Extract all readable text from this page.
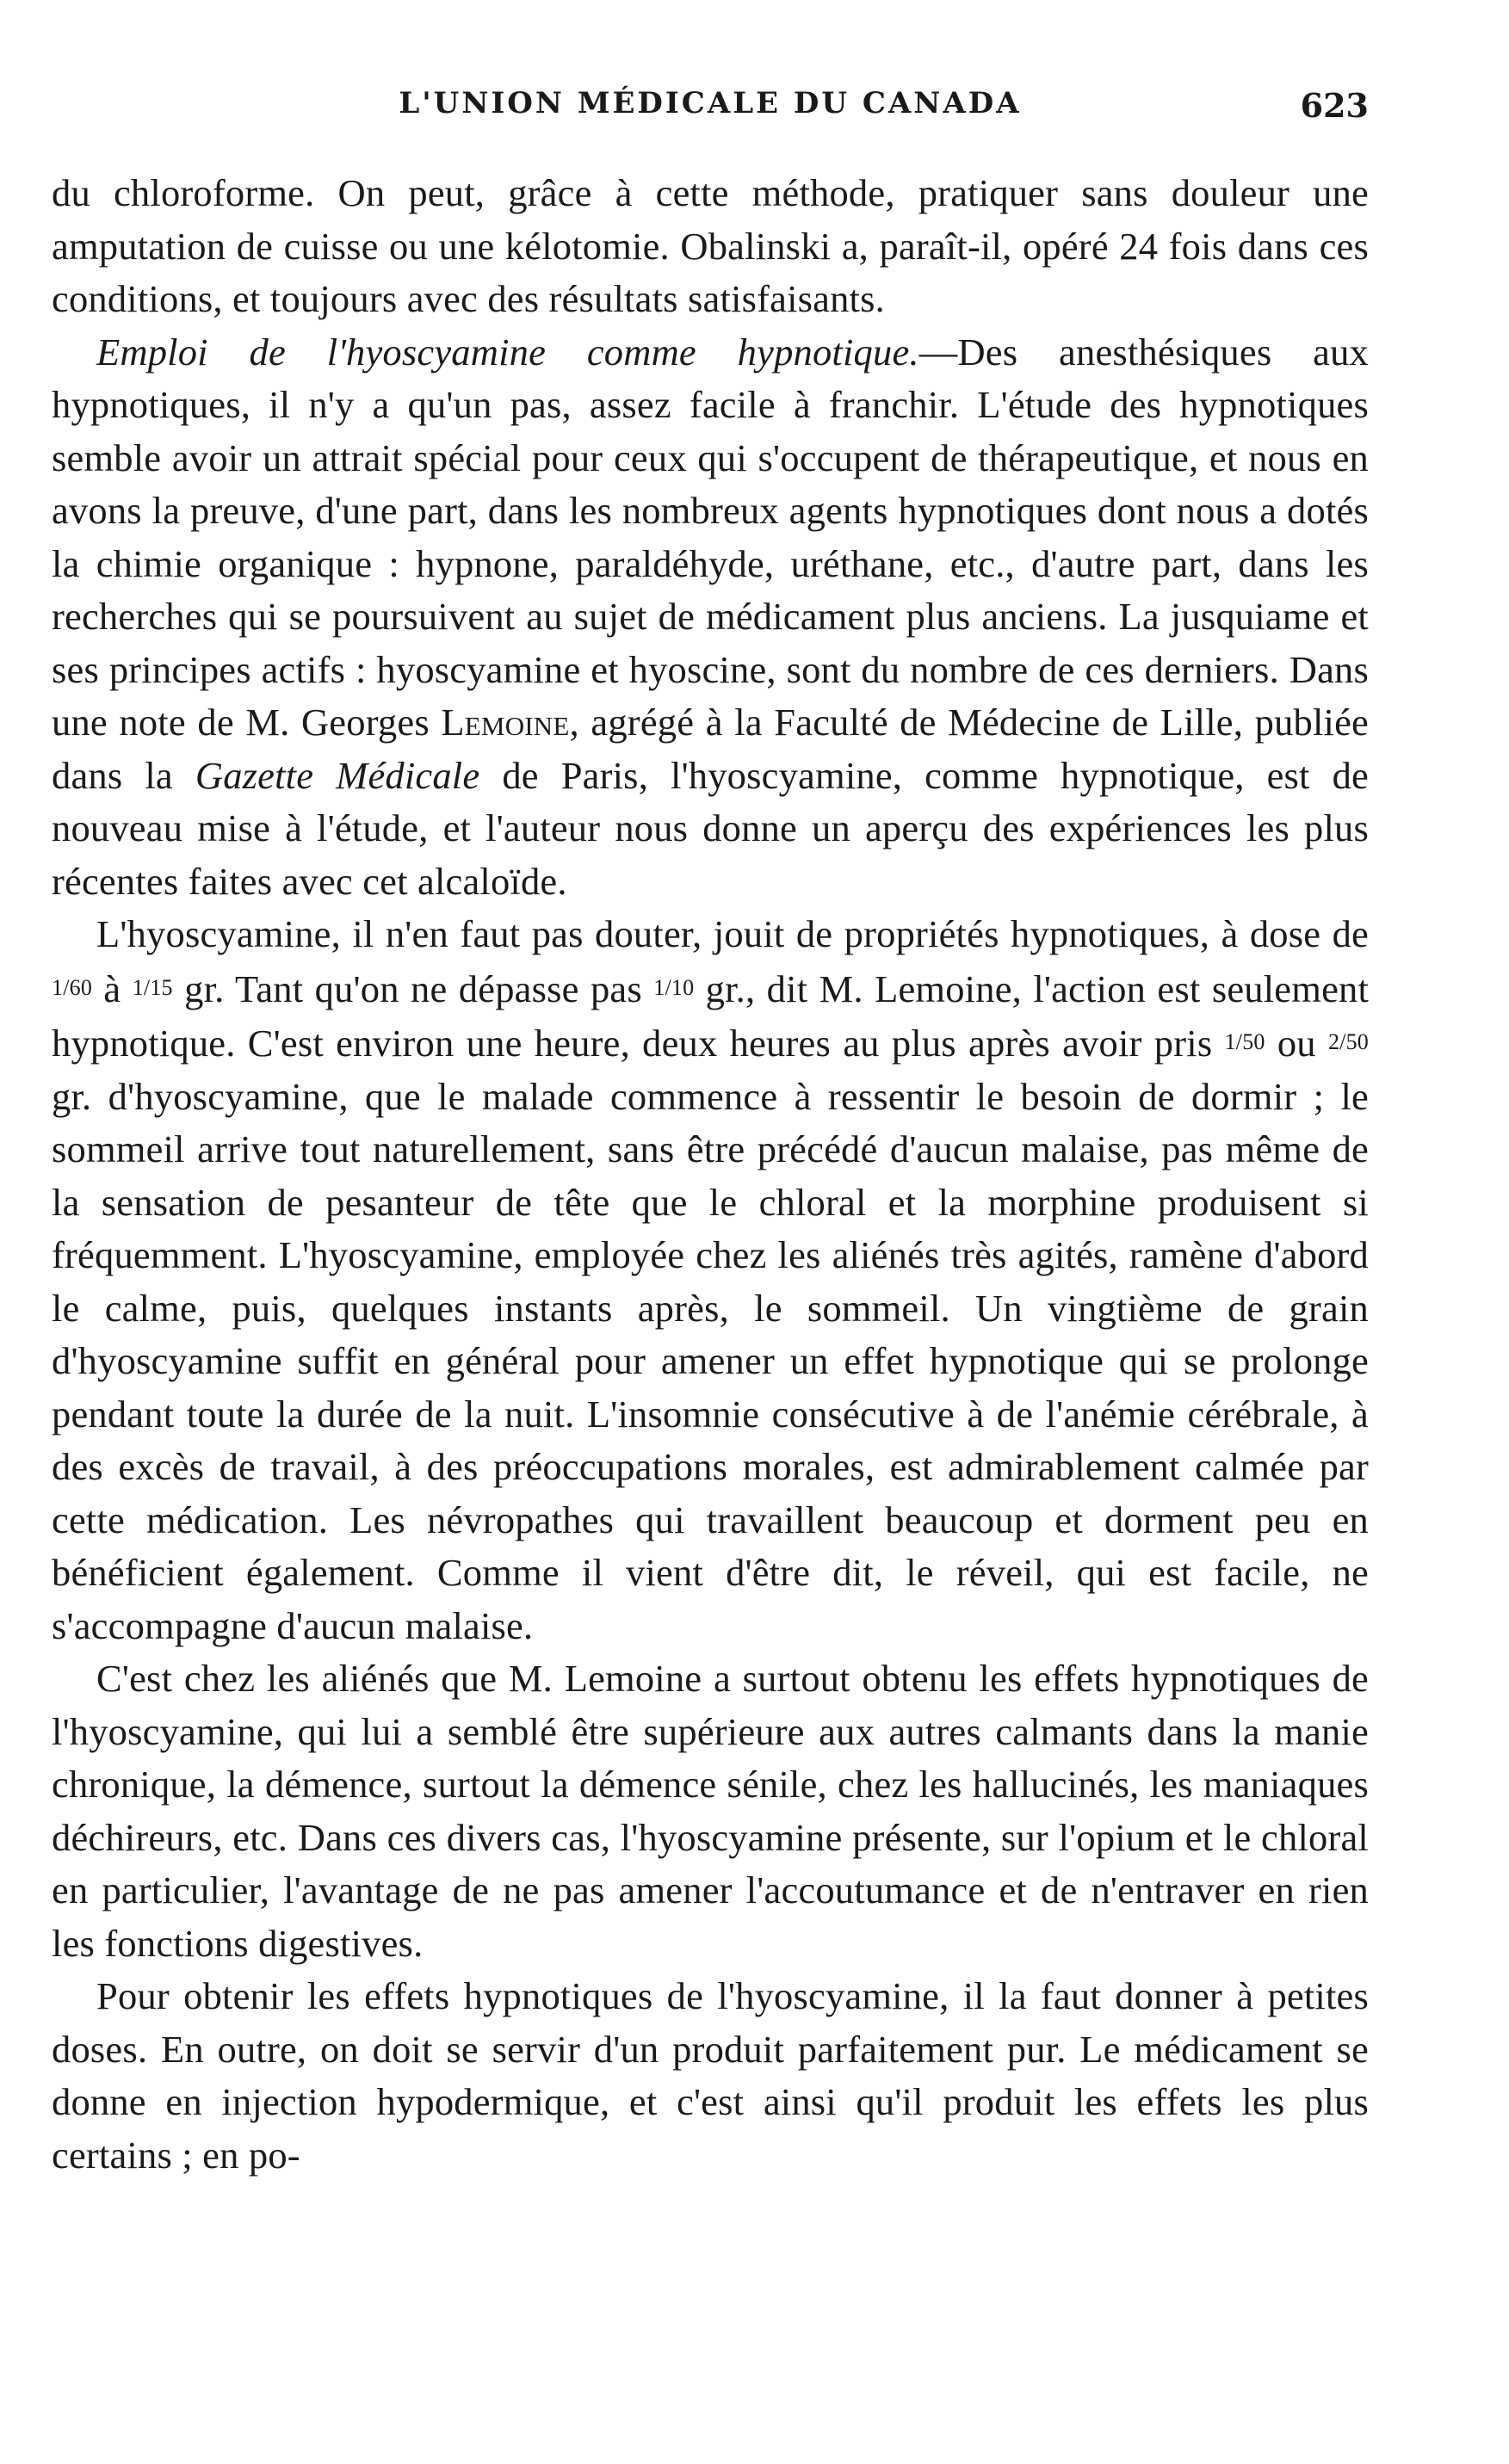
L'UNION MÉDICALE DU CANADA	623

du chloroforme. On peut, grâce à cette méthode, pratiquer sans douleur une amputation de cuisse ou une kélotomie. Obalinski a, paraît-il, opéré 24 fois dans ces conditions, et toujours avec des résultats satisfaisants.

Emploi de l'hyoscyamine comme hypnotique.—Des anesthésiques aux hypnotiques, il n'y a qu'un pas, assez facile à franchir. L'étude des hypnotiques semble avoir un attrait spécial pour ceux qui s'occupent de thérapeutique, et nous en avons la preuve, d'une part, dans les nombreux agents hypnotiques dont nous a dotés la chimie organique : hypnone, paraldéhyde, uréthane, etc., d'autre part, dans les recherches qui se poursuivent au sujet de médicament plus anciens. La jusquiame et ses principes actifs : hyoscyamine et hyoscine, sont du nombre de ces derniers. Dans une note de M. Georges Lemoine, agrégé à la Faculté de Médecine de Lille, publiée dans la Gazette Médicale de Paris, l'hyoscyamine, comme hypnotique, est de nouveau mise à l'étude, et l'auteur nous donne un aperçu des expériences les plus récentes faites avec cet alcaloïde.

L'hyoscyamine, il n'en faut pas douter, jouit de propriétés hypnotiques, à dose de 1/60 à 1/15 gr. Tant qu'on ne dépasse pas 1/10 gr., dit M. Lemoine, l'action est seulement hypnotique. C'est environ une heure, deux heures au plus après avoir pris 1/50 ou 2/50 gr. d'hyoscyamine, que le malade commence à ressentir le besoin de dormir ; le sommeil arrive tout naturellement, sans être précédé d'aucun malaise, pas même de la sensation de pesanteur de tête que le chloral et la morphine produisent si fréquemment. L'hyoscyamine, employée chez les aliénés très agités, ramène d'abord le calme, puis, quelques instants après, le sommeil. Un vingtième de grain d'hyoscyamine suffit en général pour amener un effet hypnotique qui se prolonge pendant toute la durée de la nuit. L'insomnie consécutive à de l'anémie cérébrale, à des excès de travail, à des préoccupations morales, est admirablement calmée par cette médication. Les névropathes qui travaillent beaucoup et dorment peu en bénéficient également. Comme il vient d'être dit, le réveil, qui est facile, ne s'accompagne d'aucun malaise.

C'est chez les aliénés que M. Lemoine a surtout obtenu les effets hypnotiques de l'hyoscyamine, qui lui a semblé être supérieure aux autres calmants dans la manie chronique, la démence, surtout la démence sénile, chez les hallucinés, les maniaques déchireurs, etc. Dans ces divers cas, l'hyoscyamine présente, sur l'opium et le chloral en particulier, l'avantage de ne pas amener l'accoutumance et de n'entraver en rien les fonctions digestives.

Pour obtenir les effets hypnotiques de l'hyoscyamine, il la faut donner à petites doses. En outre, on doit se servir d'un produit parfaitement pur. Le médicament se donne en injection hypodermique, et c'est ainsi qu'il produit les effets les plus certains ; en po-
